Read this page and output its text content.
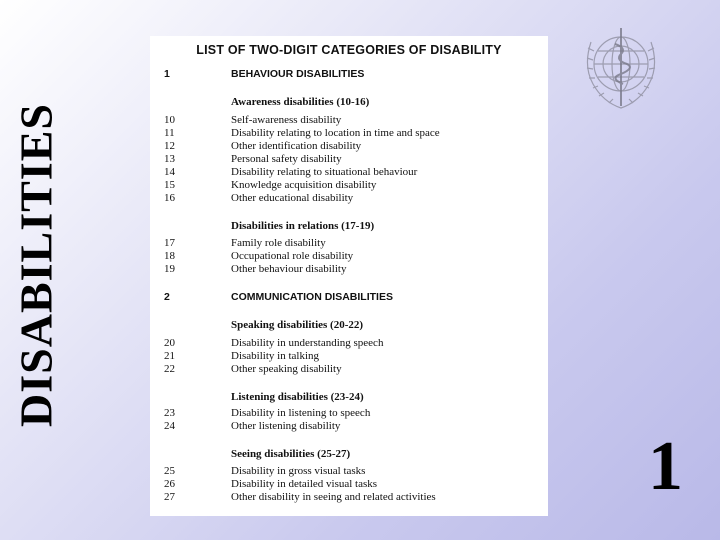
DISABILITIES
LIST OF TWO-DIGIT CATEGORIES OF DISABILITY
1	BEHAVIOUR DISABILITIES
Awareness disabilities (10-16)
10	Self-awareness disability
11	Disability relating to location in time and space
12	Other identification disability
13	Personal safety disability
14	Disability relating to situational behaviour
15	Knowledge acquisition disability
16	Other educational disability
Disabilities in relations (17-19)
17	Family role disability
18	Occupational role disability
19	Other behaviour disability
2	COMMUNICATION DISABILITIES
Speaking disabilities (20-22)
20	Disability in understanding speech
21	Disability in talking
22	Other speaking disability
Listening disabilities (23-24)
23	Disability in listening to speech
24	Other listening disability
Seeing disabilities (25-27)
25	Disability in gross visual tasks
26	Disability in detailed visual tasks
27	Other disability in seeing and related activities	1
